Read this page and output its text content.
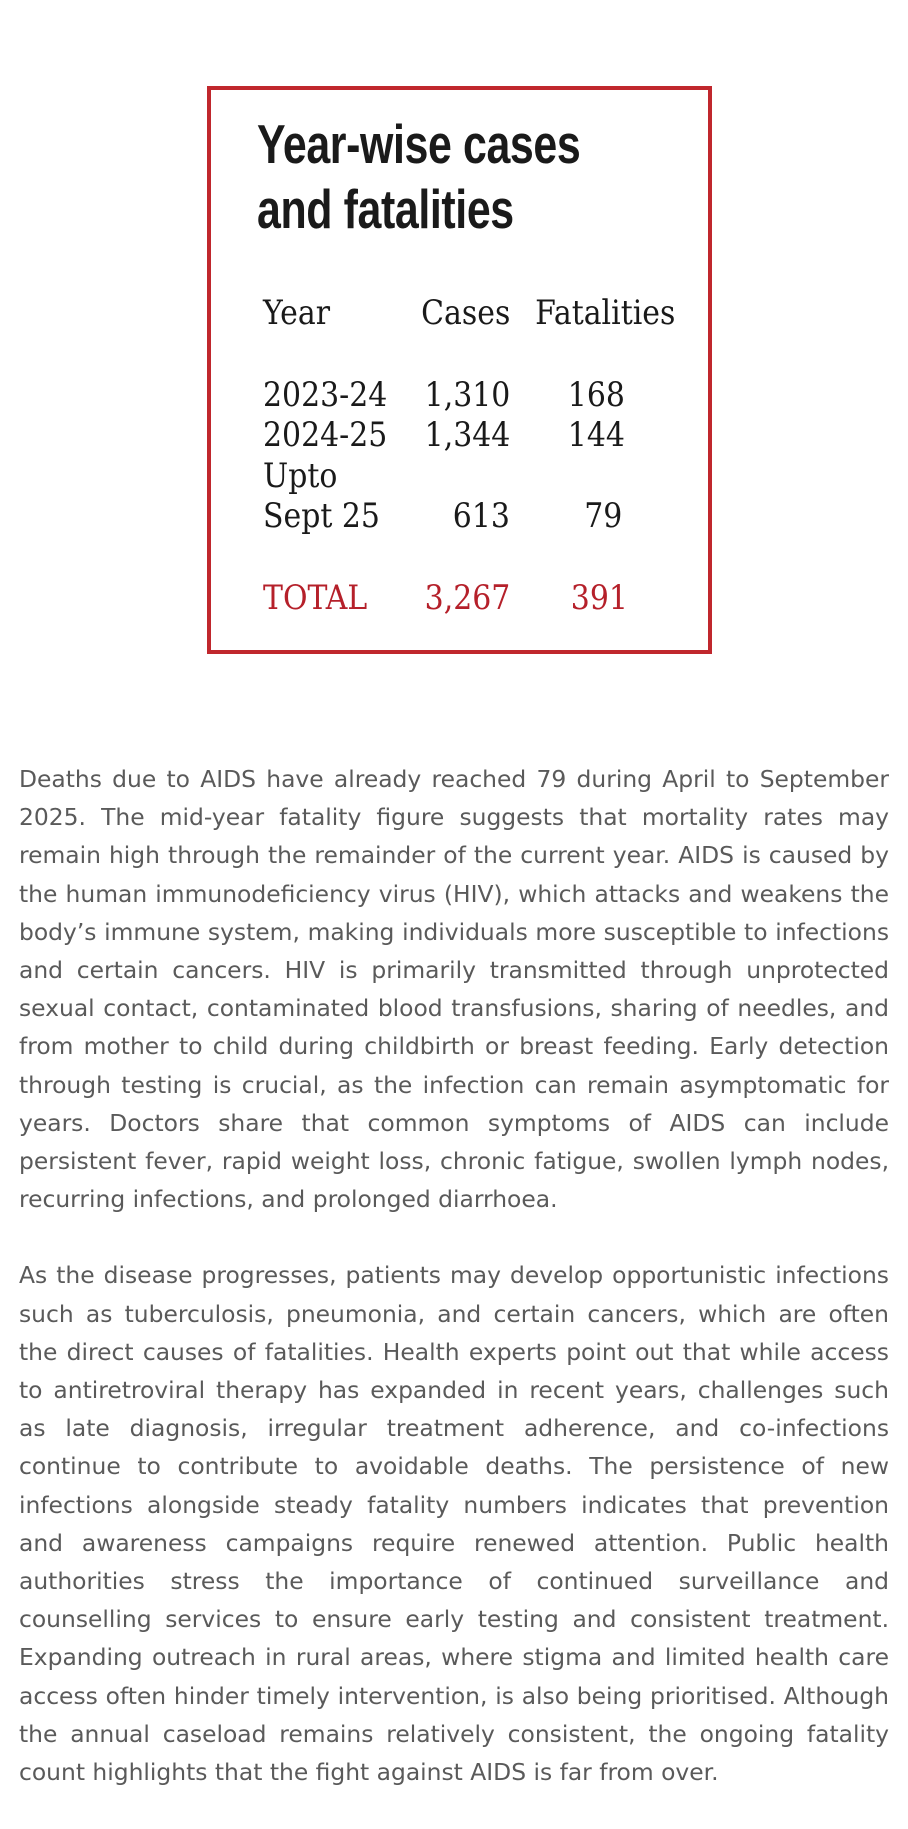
Year-wise cases
and fatalities
Year	Cases Fatalities
2023-24 1,310 168
2024-25 1,344 144
Upto
Sept 25 613 79
TOTAL 3,267 391

Deaths due to AIDS have already reached 79 during April to September 2025. The mid-year fatality figure suggests that mortality rates may remain high through the remainder of the current year. AIDS is caused by the human immunodeficiency virus (HIV), which attacks and weakens the body’s immune system, making individuals more susceptible to infections and certain cancers. HIV is primarily transmitted through unprotected sexual contact, contaminated blood transfusions, sharing of needles, and from mother to child during childbirth or breast feeding. Early detection through testing is crucial, as the infection can remain asymptomatic for years. Doctors share that common symptoms of AIDS can include persistent fever, rapid weight loss, chronic fatigue, swollen lymph nodes, recurring infections, and prolonged diarrhoea.

As the disease progresses, patients may develop opportunistic infections such as tuberculosis, pneumonia, and certain cancers, which are often the direct causes of fatalities. Health experts point out that while access to antiretroviral therapy has expanded in recent years, challenges such as late diagnosis, irregular treatment adherence, and co-infections continue to contribute to avoidable deaths. The persistence of new infections alongside steady fatality numbers indicates that prevention and awareness campaigns require renewed attention. Public health authorities stress the importance of continued surveillance and counselling services to ensure early testing and consistent treatment. Expanding outreach in rural areas, where stigma and limited health care access often hinder timely intervention, is also being prioritised. Although the annual caseload remains relatively consistent, the ongoing fatality count highlights that the fight against AIDS is far from over.
